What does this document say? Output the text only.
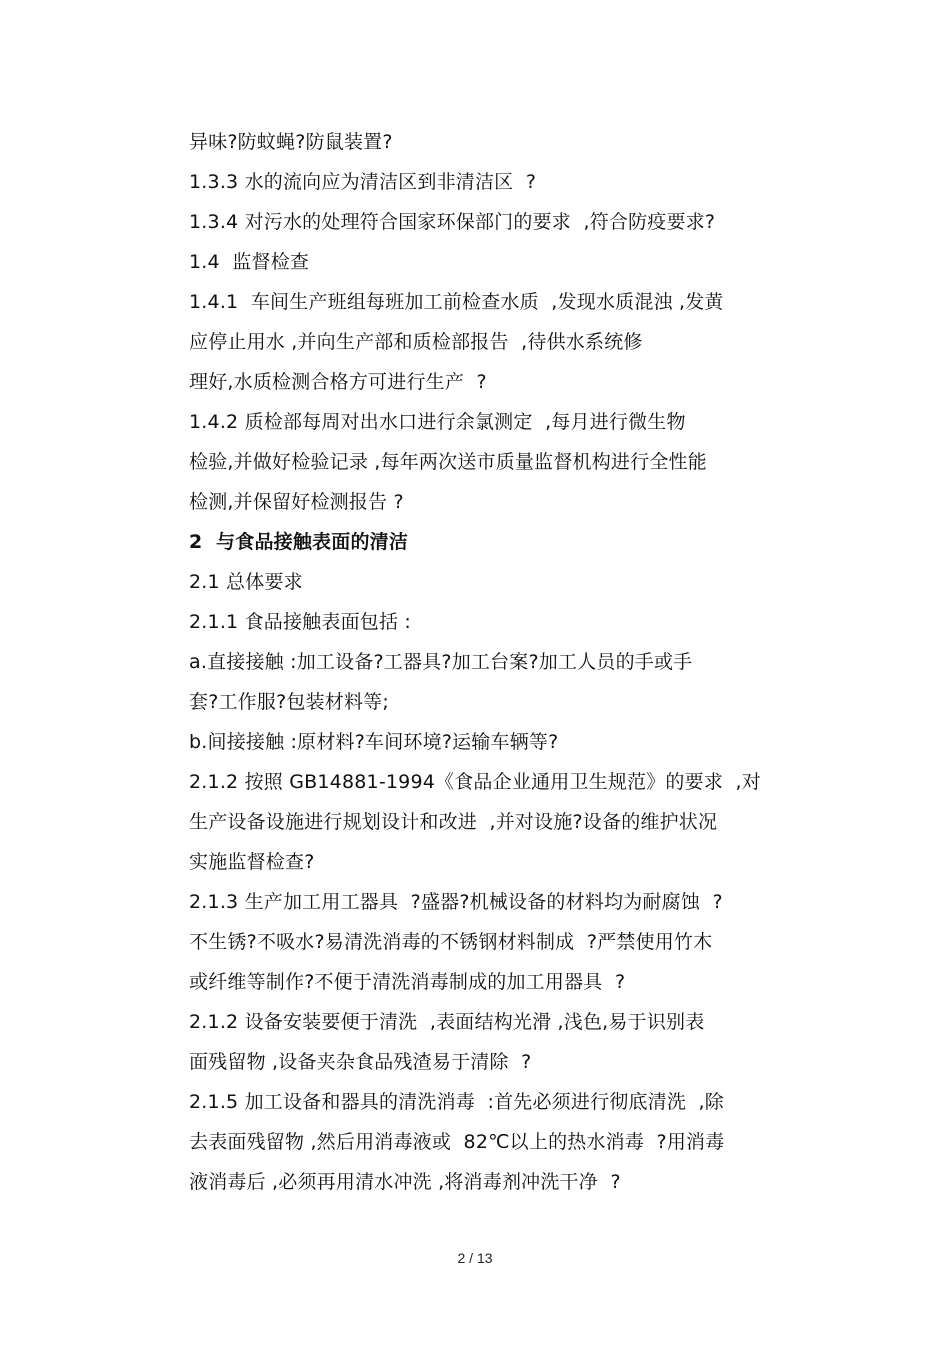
异味?防蚊蝇?防鼠装置?
1.3.3 水的流向应为清洁区到非清洁区  ?
1.3.4 对污水的处理符合国家环保部门的要求  ,符合防疫要求?
1.4  监督检查
1.4.1  车间生产班组每班加工前检查水质  ,发现水质混浊 ,发黄
应停止用水 ,并向生产部和质检部报告  ,待供水系统修
理好,水质检测合格方可进行生产  ?
1.4.2 质检部每周对出水口进行余氯测定  ,每月进行微生物
检验,并做好检验记录 ,每年两次送市质量监督机构进行全性能
检测,并保留好检测报告 ?
2  与食品接触表面的清洁
2.1 总体要求
2.1.1 食品接触表面包括 :
a.直接接触 :加工设备?工器具?加工台案?加工人员的手或手
套?工作服?包装材料等;
b.间接接触 :原材料?车间环境?运输车辆等?
2.1.2 按照 GB14881-1994《食品企业通用卫生规范》的要求  ,对
生产设备设施进行规划设计和改进  ,并对设施?设备的维护状况
实施监督检查?
2.1.3 生产加工用工器具  ?盛器?机械设备的材料均为耐腐蚀  ?
不生锈?不吸水?易清洗消毒的不锈钢材料制成  ?严禁使用竹木
或纤维等制作?不便于清洗消毒制成的加工用器具  ?
2.1.2 设备安装要便于清洗  ,表面结构光滑 ,浅色,易于识别表
面残留物 ,设备夹杂食品残渣易于清除  ?
2.1.5 加工设备和器具的清洗消毒  :首先必须进行彻底清洗  ,除
去表面残留物 ,然后用消毒液或  82℃以上的热水消毒  ?用消毒
液消毒后 ,必须再用清水冲洗 ,将消毒剂冲洗干净  ?
2 / 13
